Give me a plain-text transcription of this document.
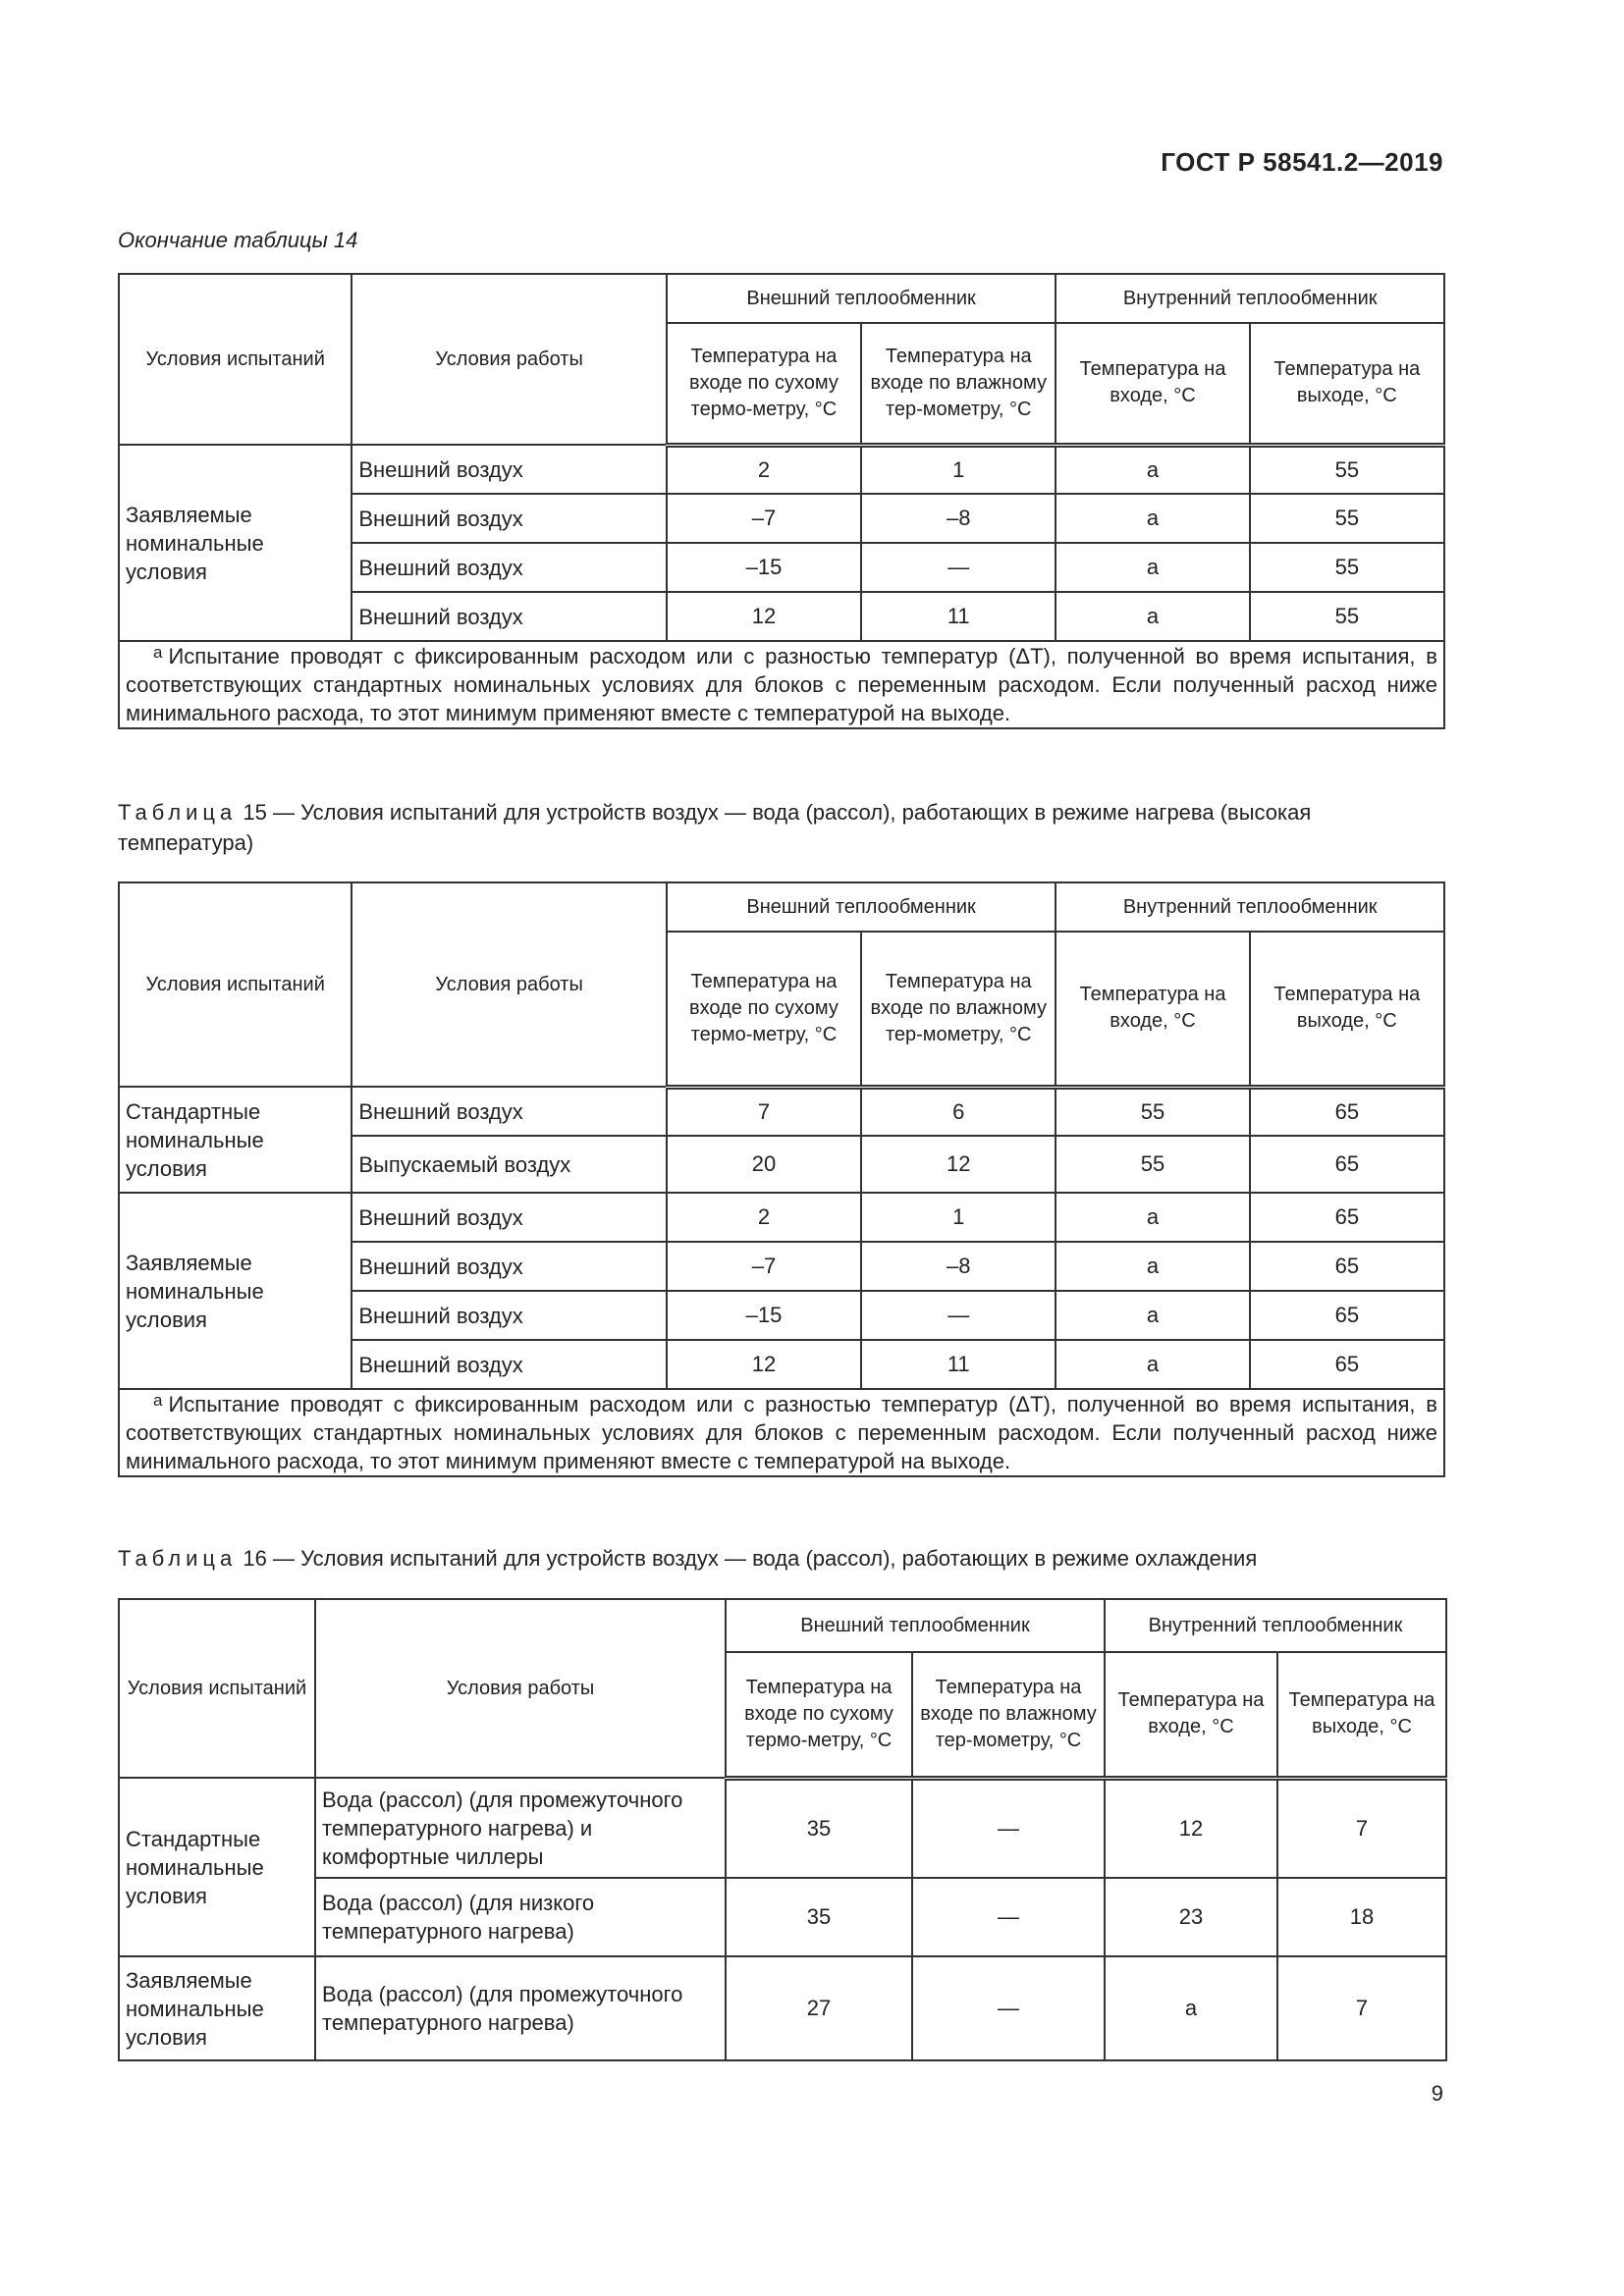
ГОСТ Р 58541.2—2019
Окончание таблицы 14
Условия испытаний	Условия работы	Внешний теплообменник		Внутренний теплообменник	
		Температура на входе по сухому термо-метру, °C	Температура на входе по влажному тер-мометру, °C	Температура на входе, °C	Температура на выходе, °C
Заявляемые номинальные условия	Внешний воздух	2	1	a	55
	Внешний воздух	–7	–8	a	55
	Внешний воздух	–15	—	a	55
	Внешний воздух	12	11	a	55
$^a$ Испытание проводят с фиксированным расходом или с разностью температур (ΔT), полученной во время испытания, в соответствующих стандартных номинальных условиях для блоков с переменным расходом. Если полученный расход ниже минимального расхода, то этот минимум применяют вместе с температурой на выходе.					
Таблица 15 — Условия испытаний для устройств воздух — вода (рассол), работающих в режиме нагрева (высокая температура)
Условия испытаний	Условия работы	Внешний теплообменник		Внутренний теплообменник	
		Температура на входе по сухому термо-метру, °C	Температура на входе по влажному тер-мометру, °C	Температура на входе, °C	Температура на выходе, °C
Стандартные номинальные условия	Внешний воздух	7	6	55	65
	Выпускаемый воздух	20	12	55	65
Заявляемые номинальные условия	Внешний воздух	2	1	a	65
	Внешний воздух	–7	–8	a	65
	Внешний воздух	–15	—	a	65
	Внешний воздух	12	11	a	65
$^a$ Испытание проводят с фиксированным расходом или с разностью температур (ΔT), полученной во время испытания, в соответствующих стандартных номинальных условиях для блоков с переменным расходом. Если полученный расход ниже минимального расхода, то этот минимум применяют вместе с температурой на выходе.					
Таблица 16 — Условия испытаний для устройств воздух — вода (рассол), работающих в режиме охлаждения
Условия испытаний	Условия работы	Внешний теплообменник		Внутренний теплообменник	
		Температура на входе по сухому термо-метру, °C	Температура на входе по влажному тер-мометру, °C	Температура на входе, °C	Температура на выходе, °C
Стандартные номинальные условия	Вода (рассол) (для промежуточного температурного нагрева) и комфортные чиллеры	35	—	12	7
	Вода (рассол) (для низкого температурного нагрева)	35	—	23	18
Заявляемые номинальные условия	Вода (рассол) (для промежуточного температурного нагрева)	27	—	a	7
9
